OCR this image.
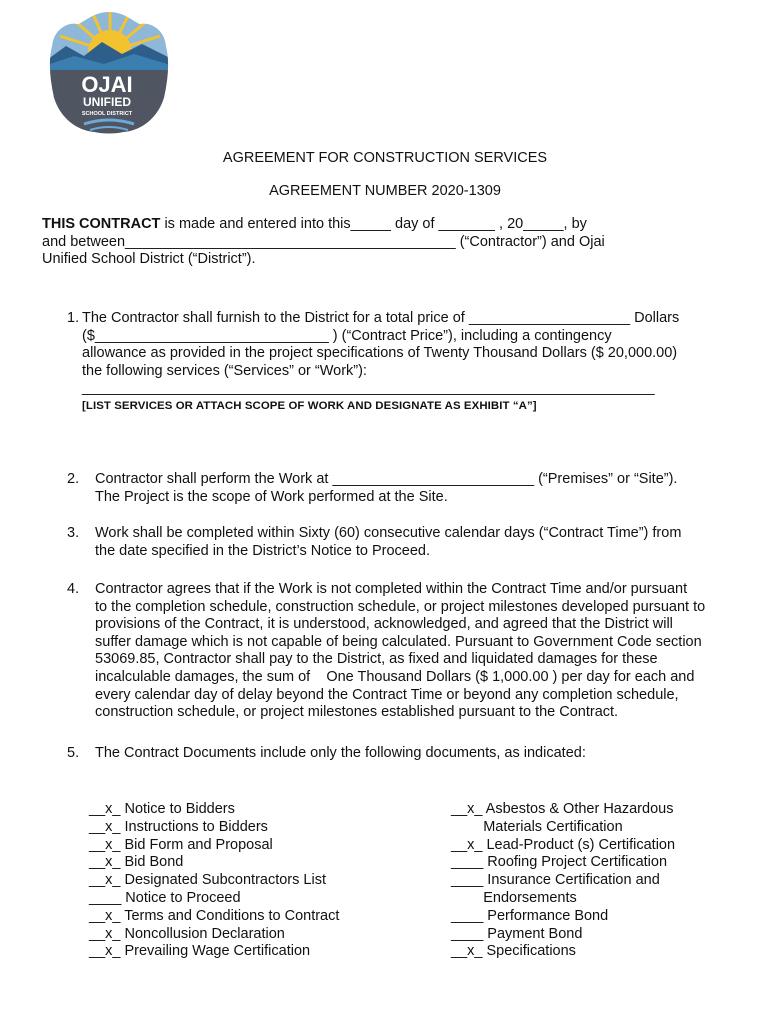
OJAI
UNIFIED
SCHOOL DISTRICT
AGREEMENT FOR CONSTRUCTION SERVICES
AGREEMENT NUMBER 2020-1309
THIS CONTRACT is made and entered into this_____ day of _______ , 20_____, by
and between_________________________________________ (“Contractor”) and Ojai
Unified School District (“District”).
1. The Contractor shall furnish to the District for a total price of ____________________ Dollars
($_____________________________ ) (“Contract Price”), including a contingency
allowance as provided in the project specifications of Twenty Thousand Dollars ($ 20,000.00)
the following services (“Services” or “Work”):
_______________________________________________________________________
[LIST SERVICES OR ATTACH SCOPE OF WORK AND DESIGNATE AS EXHIBIT “A”]
2. Contractor shall perform the Work at _________________________ (“Premises” or “Site”).
The Project is the scope of Work performed at the Site.
3. Work shall be completed within Sixty (60) consecutive calendar days (“Contract Time”) from
the date specified in the District’s Notice to Proceed.
4. Contractor agrees that if the Work is not completed within the Contract Time and/or pursuant
to the completion schedule, construction schedule, or project milestones developed pursuant to
provisions of the Contract, it is understood, acknowledged, and agreed that the District will
suffer damage which is not capable of being calculated. Pursuant to Government Code section
53069.85, Contractor shall pay to the District, as fixed and liquidated damages for these
incalculable damages, the sum of    One Thousand Dollars ($ 1,000.00 ) per day for each and
every calendar day of delay beyond the Contract Time or beyond any completion schedule,
construction schedule, or project milestones established pursuant to the Contract.
5. The Contract Documents include only the following documents, as indicated:
__x_ Notice to Bidders
__x_ Instructions to Bidders
__x_ Bid Form and Proposal
__x_ Bid Bond
__x_ Designated Subcontractors List
____ Notice to Proceed
__x_ Terms and Conditions to Contract
__x_ Noncollusion Declaration
__x_ Prevailing Wage Certification
__x_ Asbestos & Other Hazardous
Materials Certification
__x_ Lead-Product (s) Certification
____ Roofing Project Certification
____ Insurance Certification and
Endorsements
____ Performance Bond
____ Payment Bond
__x_ Specifications
